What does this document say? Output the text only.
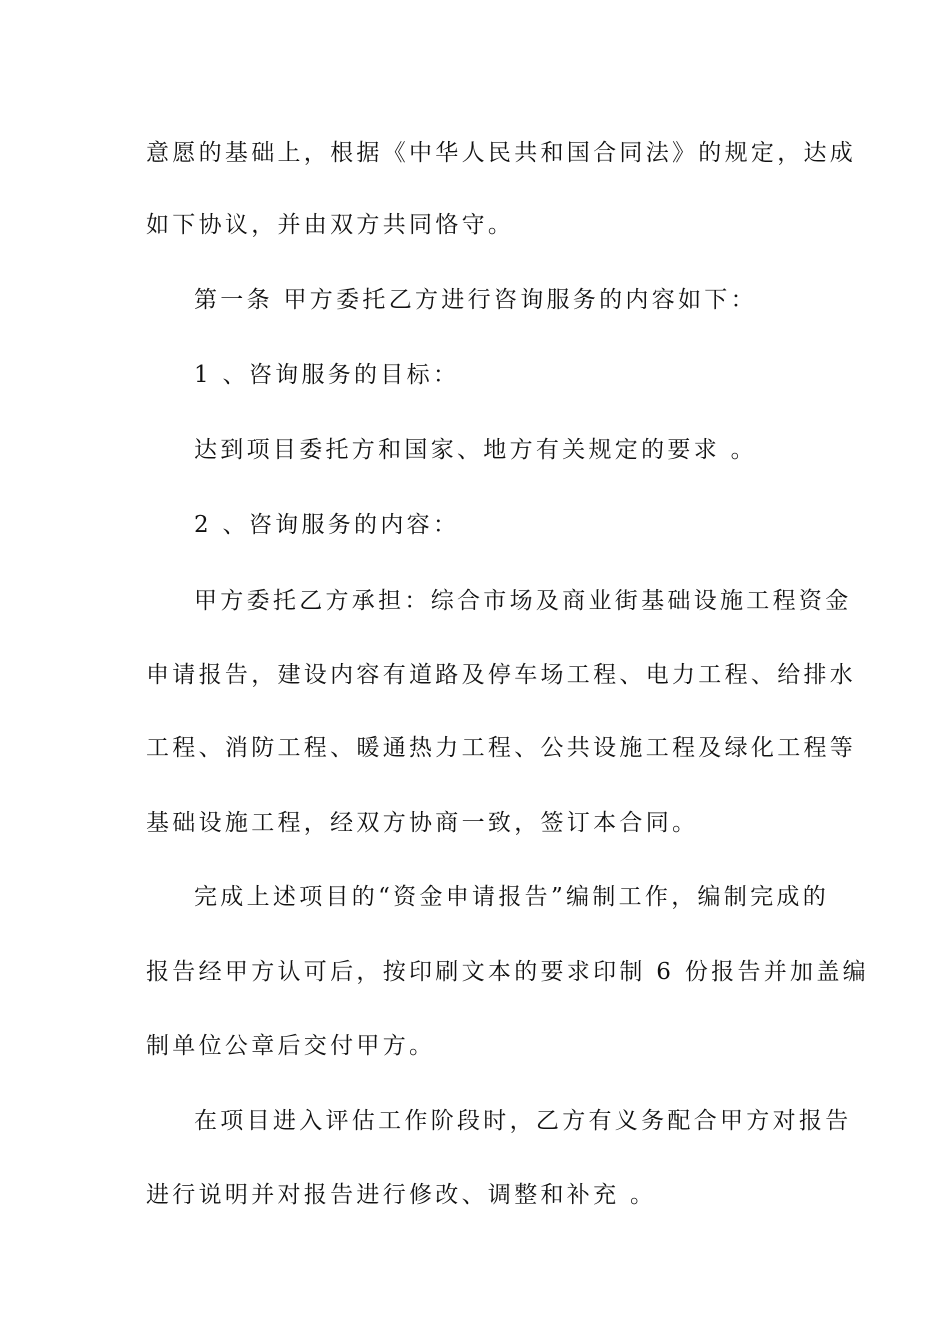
意愿的基础上，根据《中华人民共和国合同法》的规定，达成
如下协议，并由双方共同恪守。
第一条 甲方委托乙方进行咨询服务的内容如下：
1 、咨询服务的目标：
达到项目委托方和国家、地方有关规定的要求 。
2 、咨询服务的内容：
甲方委托乙方承担：综合市场及商业街基础设施工程资金
申请报告，建设内容有道路及停车场工程、电力工程、给排水
工程、消防工程、暖通热力工程、公共设施工程及绿化工程等
基础设施工程，经双方协商一致，签订本合同。
完成上述项目的“资金申请报告”编制工作，编制完成的
报告经甲方认可后，按印刷文本的要求印制 6 份报告并加盖编
制单位公章后交付甲方。
在项目进入评估工作阶段时，乙方有义务配合甲方对报告
进行说明并对报告进行修改、调整和补充 。
